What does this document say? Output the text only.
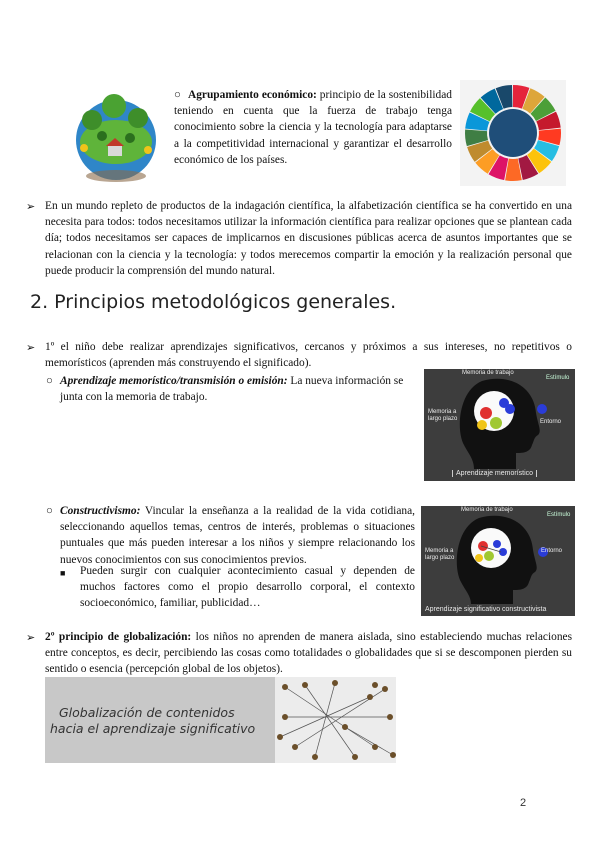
○ Agrupamiento económico: principio de la sostenibilidad teniendo en cuenta que la fuerza de trabajo tenga conocimiento sobre la ciencia y la tecnología para adaptarse a la competitividad internacional y garantizar el desarrollo económico de los países.
➢ En un mundo repleto de productos de la indagación científica, la alfabetización científica se ha convertido en una necesita para todos: todos necesitamos utilizar la información científica para realizar opciones que se plantean cada día; todos necesitamos ser capaces de implicarnos en discusiones públicas acerca de asuntos importantes que se relacionan con la ciencia y la tecnología: y todos merecemos compartir la emoción y la realización personal que puede producir la comprensión del mundo natural.
2. Principios metodológicos generales.
➢ 1º el niño debe realizar aprendizajes significativos, cercanos y próximos a sus intereses, no repetitivos o memorísticos (aprenden más construyendo el significado).
○ Aprendizaje memorístico/transmisión o emisión: La nueva información se junta con la memoria de trabajo.
Memoria de trabajo
Estímulo
Entorno
Memoria a largo plazo
Aprendizaje memorístico
○ Constructivismo: Vincular la enseñanza a la realidad de la vida cotidiana, seleccionando aquellos temas, centros de interés, problemas o situaciones puntuales que más pueden interesar a los niños y siempre relacionando los nuevos conocimientos con sus conocimientos previos.
■ Pueden surgir con cualquier acontecimiento casual y dependen de muchos factores como el propio desarrollo corporal, el contexto socioeconómico, familiar, publicidad…
Memoria de trabajo
Estímulo
Entorno
Memoria a largo plazo
Aprendizaje significativo constructivista
➢ 2º principio de globalización: los niños no aprenden de manera aislada, sino estableciendo muchas relaciones entre conceptos, es decir, percibiendo las cosas como totalidades o globalidades que si se descomponen pierden su sentido o esencia (percepción global de los objetos).
Globalización de contenidos
hacia el aprendizaje significativo
2
